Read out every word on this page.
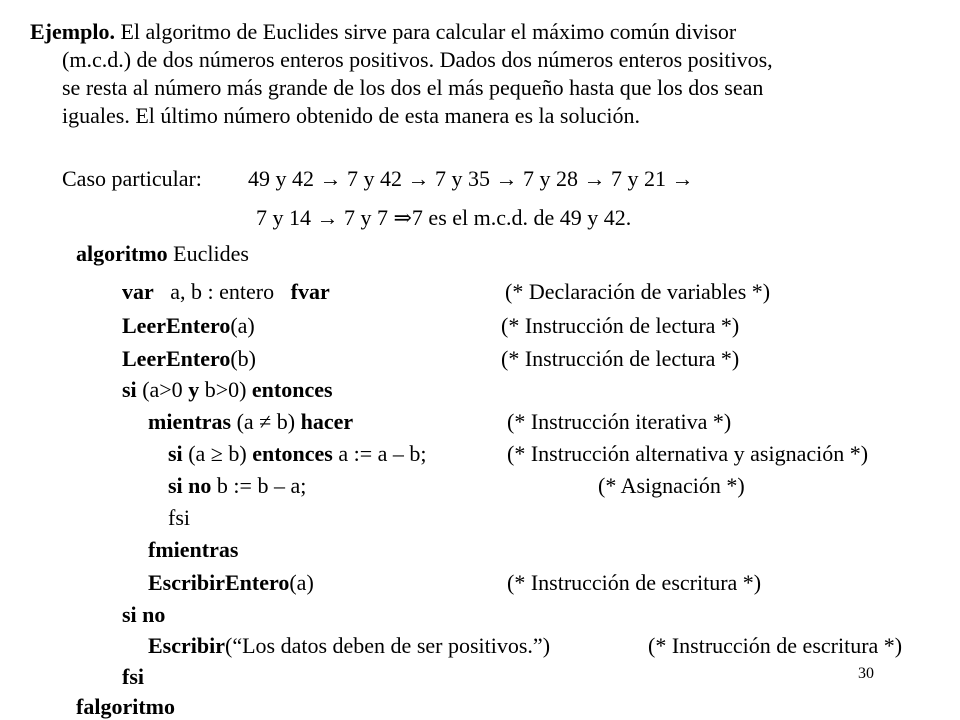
Ejemplo. El algoritmo de Euclides sirve para calcular el máximo común divisor
(m.c.d.) de dos números enteros positivos. Dados dos números enteros positivos,
se resta al número más grande de los dos el más pequeño hasta que los dos sean
iguales. El último número obtenido de esta manera es la solución.
Caso particular: 49 y 42 → 7 y 42 → 7 y 35 → 7 y 28 → 7 y 21 →
7 y 14 → 7 y 7 ⇒7 es el m.c.d. de 49 y 42.
algoritmo Euclides
var a, b : entero fvar	(* Declaración de variables *)
LeerEntero(a)	(* Instrucción de lectura *)
LeerEntero(b)	(* Instrucción de lectura *)
si (a>0 y b>0) entonces
mientras (a ≠ b) hacer	(* Instrucción iterativa *)
si (a ≥ b) entonces a := a – b;	(* Instrucción alternativa y asignación *)
si no b := b – a;	(* Asignación *)
fsi
fmientras
EscribirEntero(a)	(* Instrucción de escritura *)
si no
Escribir(“Los datos deben de ser positivos.”)	(* Instrucción de escritura *)
fsi	30
falgoritmo
